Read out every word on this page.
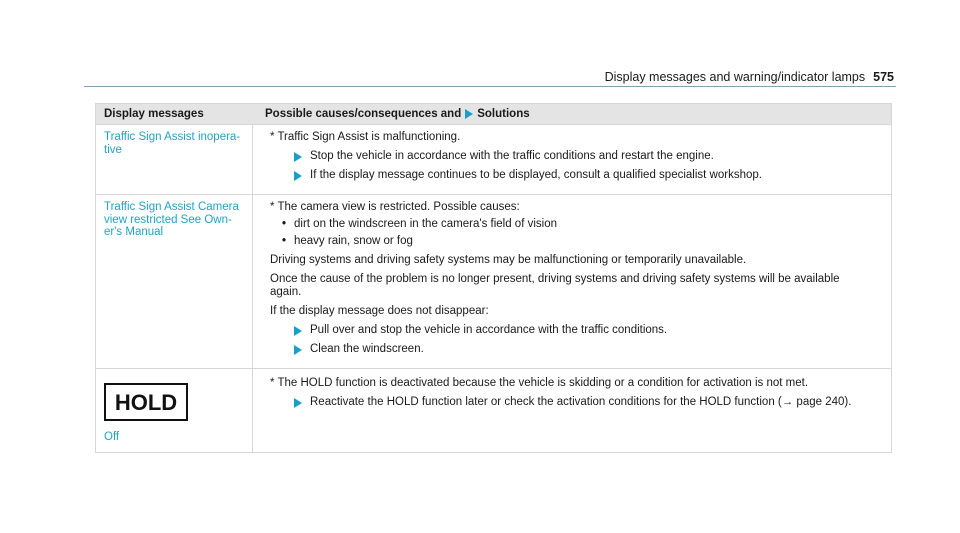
Display messages and warning/indicator lamps 575
Display messages	Possible causes/consequences and Solutions
Traffic Sign Assist inopera-
tive
* Traffic Sign Assist is malfunctioning.
Stop the vehicle in accordance with the traffic conditions and restart the engine.
If the display message continues to be displayed, consult a qualified specialist workshop.
Traffic Sign Assist Camera
view restricted See Own-
er's Manual
* The camera view is restricted. Possible causes:
• dirt on the windscreen in the camera's field of vision
• heavy rain, snow or fog
Driving systems and driving safety systems may be malfunctioning or temporarily unavailable.
Once the cause of the problem is no longer present, driving systems and driving safety systems will be available again.
If the display message does not disappear:
Pull over and stop the vehicle in accordance with the traffic conditions.
Clean the windscreen.
HOLD
Off
* The HOLD function is deactivated because the vehicle is skidding or a condition for activation is not met.
Reactivate the HOLD function later or check the activation conditions for the HOLD function (→ page 240).
